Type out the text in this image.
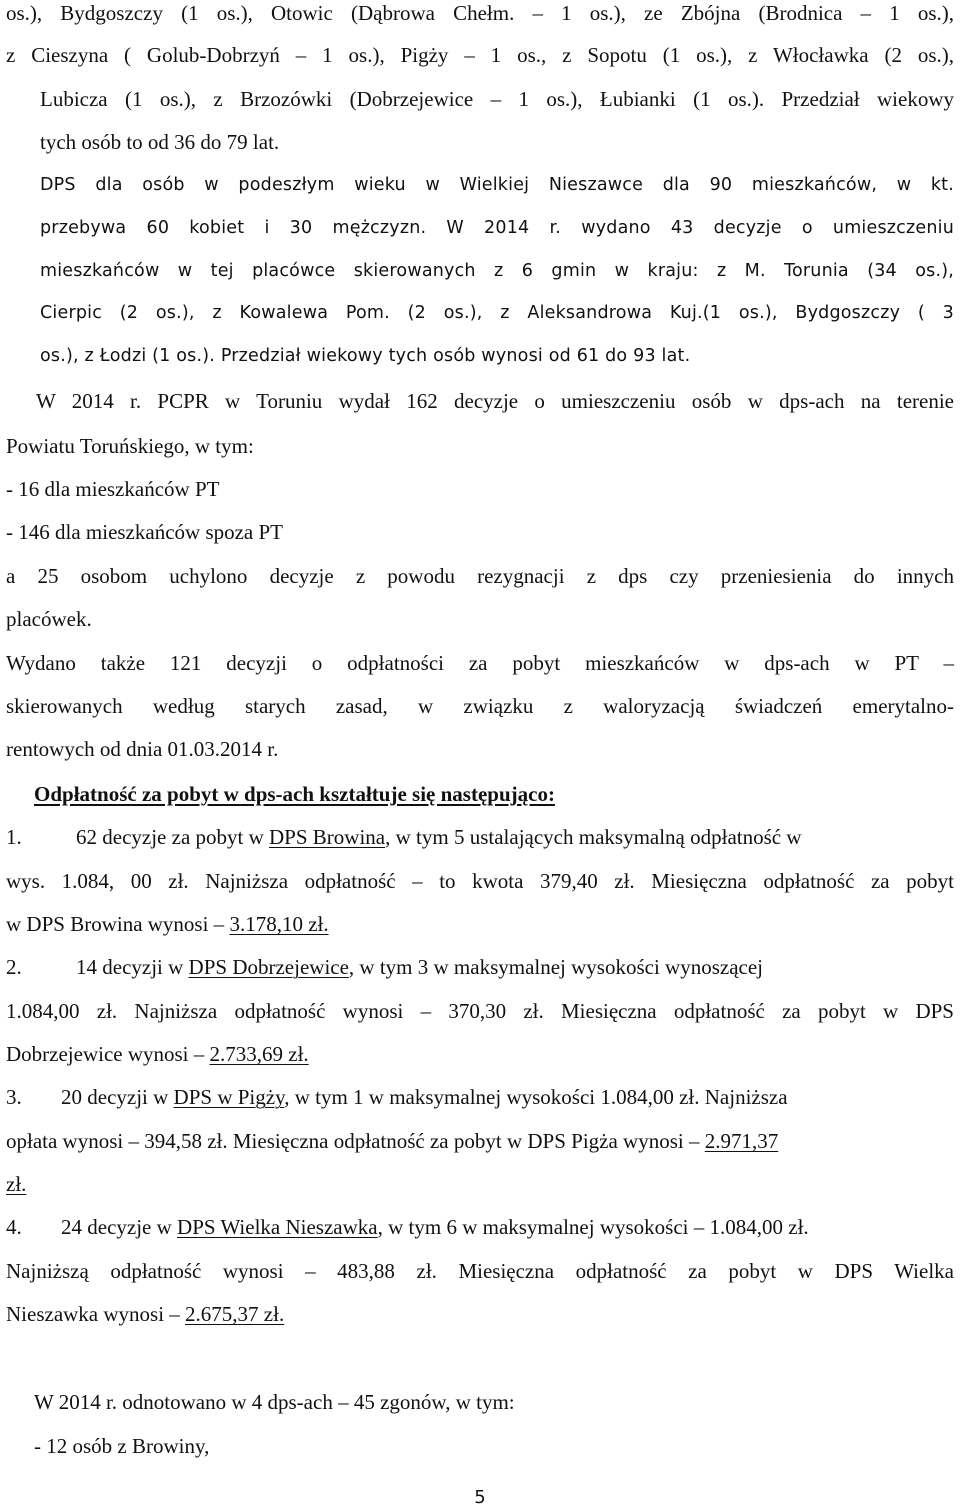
os.), Bydgoszczy (1 os.), Otowic (Dąbrowa Chełm. – 1 os.), ze Zbójna (Brodnica – 1 os.),

z Cieszyna ( Golub-Dobrzyń – 1 os.), Pigży – 1 os., z Sopotu (1 os.), z Włocławka (2 os.),

Lubicza (1 os.), z Brzozówki (Dobrzejewice – 1 os.), Łubianki (1 os.). Przedział wiekowy

tych osób to od 36 do 79 lat.

DPS dla osób w podeszłym wieku w Wielkiej Nieszawce dla 90 mieszkańców, w kt.

przebywa 60 kobiet i 30 mężczyzn. W 2014 r. wydano 43 decyzje o umieszczeniu

mieszkańców w tej placówce skierowanych z 6 gmin w kraju: z M. Torunia (34 os.),

Cierpic (2 os.), z Kowalewa Pom. (2 os.), z Aleksandrowa Kuj.(1 os.), Bydgoszczy ( 3

os.), z Łodzi (1 os.). Przedział wiekowy tych osób wynosi od 61 do 93 lat.

W 2014 r. PCPR w Toruniu wydał 162 decyzje o umieszczeniu osób w dps-ach na terenie

Powiatu Toruńskiego, w tym:

- 16 dla mieszkańców PT

- 146 dla mieszkańców spoza PT

a 25 osobom uchylono decyzje z powodu rezygnacji z dps czy przeniesienia do innych

placówek.

Wydano także 121 decyzji o odpłatności za pobyt mieszkańców w dps-ach w PT –

skierowanych według starych zasad, w związku z waloryzacją świadczeń emerytalno-

rentowych od dnia 01.03.2014 r.

Odpłatność za pobyt w dps-ach kształtuje się następująco:

1.	62 decyzje za pobyt w DPS Browina, w tym 5 ustalających maksymalną odpłatność w

wys. 1.084, 00 zł. Najniższa odpłatność – to kwota 379,40 zł. Miesięczna odpłatność za pobyt

w DPS Browina wynosi – 3.178,10 zł.

2.	14 decyzji w DPS Dobrzejewice, w tym 3 w maksymalnej wysokości wynoszącej

1.084,00 zł. Najniższa odpłatność wynosi – 370,30 zł. Miesięczna odpłatność za pobyt w DPS

Dobrzejewice wynosi – 2.733,69 zł.

3. 20 decyzji w DPS w Pigży, w tym 1 w maksymalnej wysokości 1.084,00 zł. Najniższa

opłata wynosi – 394,58 zł. Miesięczna odpłatność za pobyt w DPS Pigża wynosi – 2.971,37

zł.

4. 24 decyzje w DPS Wielka Nieszawka, w tym 6 w maksymalnej wysokości – 1.084,00 zł.

Najniższą odpłatność wynosi – 483,88 zł. Miesięczna odpłatność za pobyt w DPS Wielka

Nieszawka wynosi – 2.675,37 zł.

W 2014 r. odnotowano w 4 dps-ach – 45 zgonów, w tym:

- 12 osób z Browiny,

5
